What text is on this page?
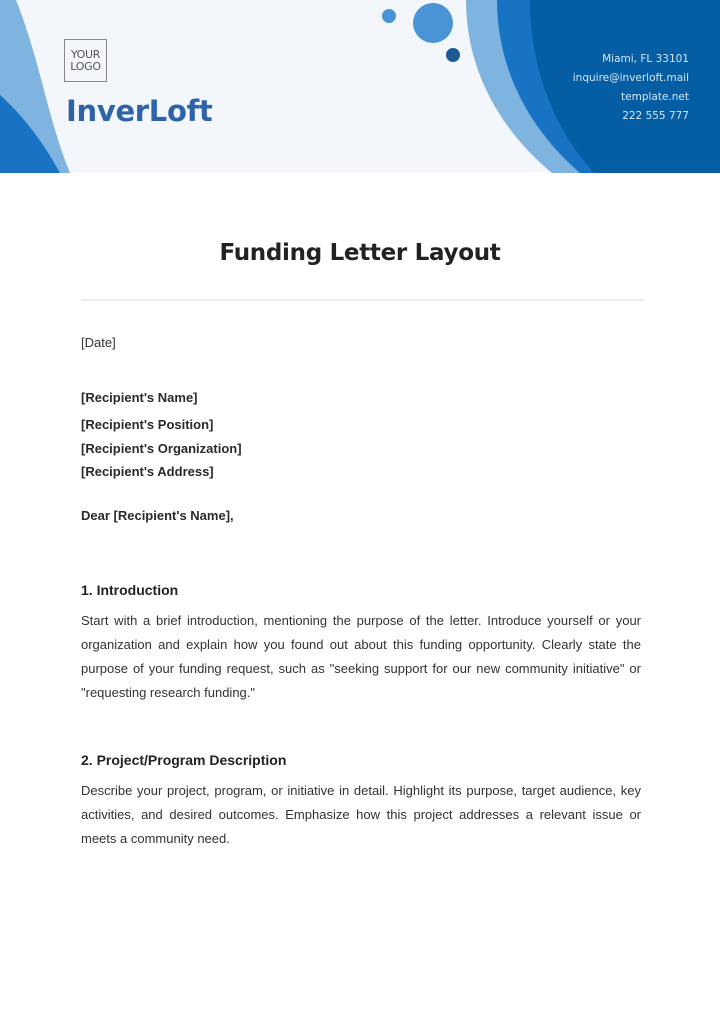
YOUR
LOGO
InverLoft
Miami, FL 33101
inquire@inverloft.mail
template.net
222 555 777
Funding Letter Layout
[Date]
[Recipient's Name]
[Recipient's Position]
[Recipient's Organization]
[Recipient's Address]
Dear [Recipient's Name],
1. Introduction

Start with a brief introduction, mentioning the purpose of the letter. Introduce yourself or your organization and explain how you found out about this funding opportunity. Clearly state the purpose of your funding request, such as "seeking support for our new community initiative" or "requesting research funding."

2. Project/Program Description

Describe your project, program, or initiative in detail. Highlight its purpose, target audience, key activities, and desired outcomes. Emphasize how this project addresses a relevant issue or meets a community need.
